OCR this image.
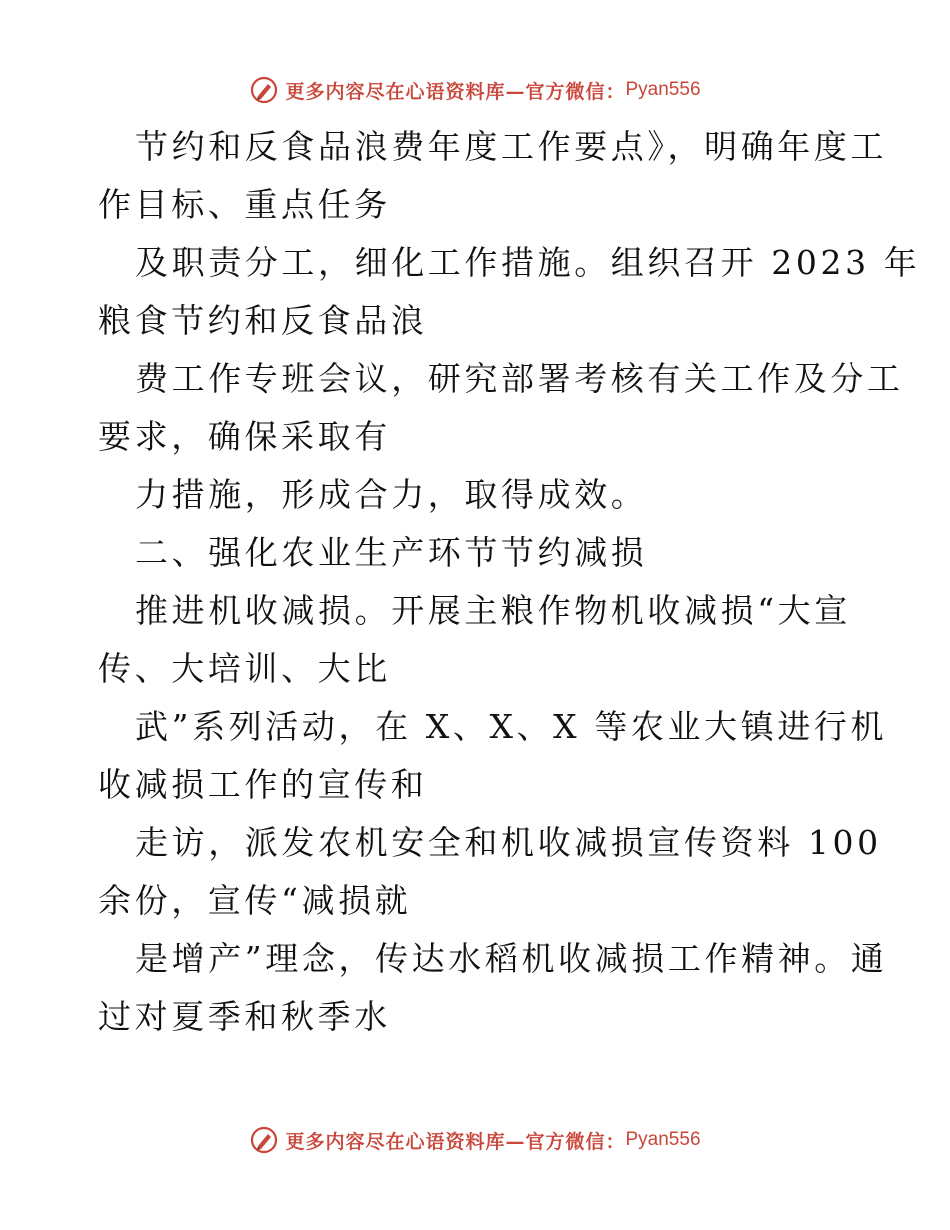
更多内容尽在心语资料库—官方微信： Pyan556
节约和反食品浪费年度工作要点》，明确年度工
作目标、重点任务
及职责分工，细化工作措施。组织召开 2023 年
粮食节约和反食品浪
费工作专班会议，研究部署考核有关工作及分工
要求，确保采取有
力措施，形成合力，取得成效。
二、强化农业生产环节节约减损
推进机收减损。开展主粮作物机收减损“大宣
传、大培训、大比
武”系列活动，在 X、X、X 等农业大镇进行机
收减损工作的宣传和
走访，派发农机安全和机收减损宣传资料 100
余份，宣传“减损就
是增产”理念，传达水稻机收减损工作精神。通
过对夏季和秋季水
更多内容尽在心语资料库—官方微信： Pyan556
